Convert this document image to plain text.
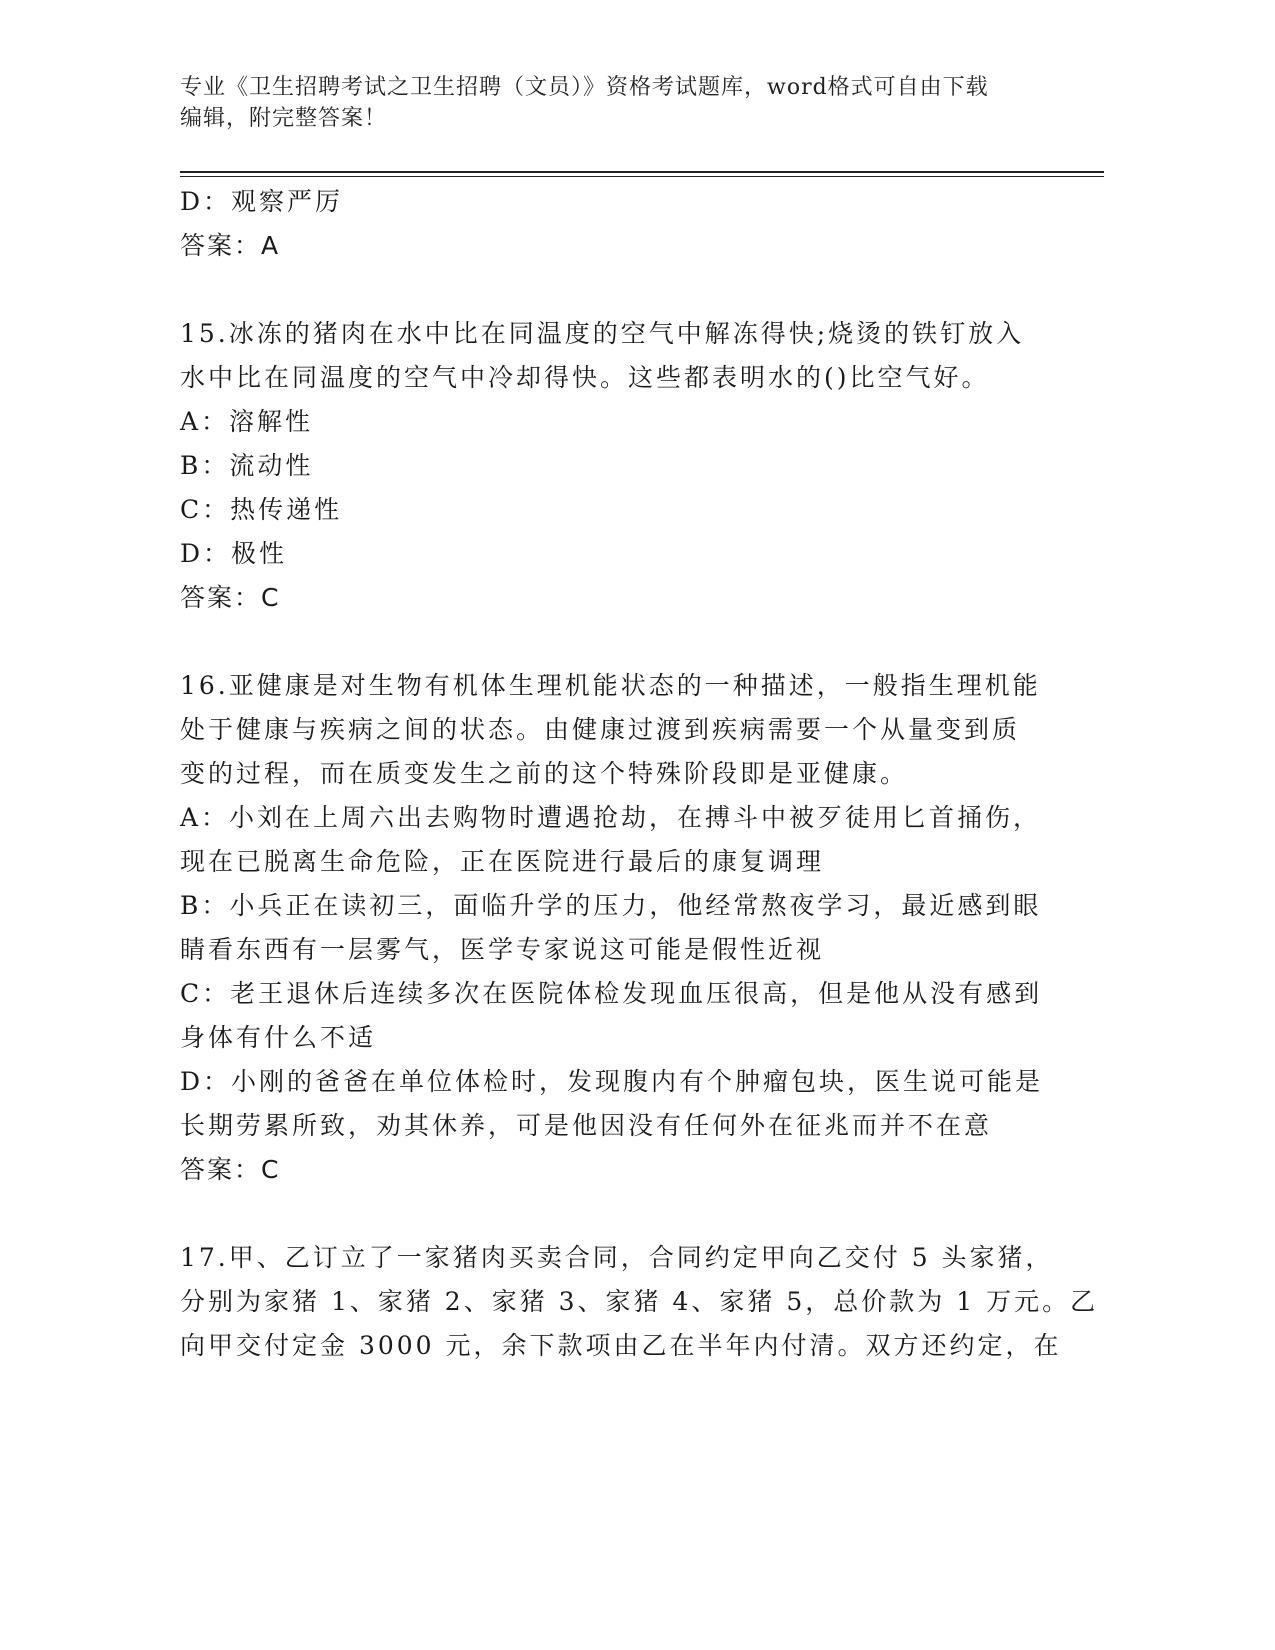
专业《卫生招聘考试之卫生招聘（文员）》资格考试题库，word格式可自由下载
编辑，附完整答案！
D：观察严厉
答案：A
15.冰冻的猪肉在水中比在同温度的空气中解冻得快;烧烫的铁钉放入
水中比在同温度的空气中冷却得快。这些都表明水的()比空气好。
A：溶解性
B：流动性
C：热传递性
D：极性
答案：C
16.亚健康是对生物有机体生理机能状态的一种描述，一般指生理机能
处于健康与疾病之间的状态。由健康过渡到疾病需要一个从量变到质
变的过程，而在质变发生之前的这个特殊阶段即是亚健康。
A：小刘在上周六出去购物时遭遇抢劫，在搏斗中被歹徒用匕首捅伤，
现在已脱离生命危险，正在医院进行最后的康复调理
B：小兵正在读初三，面临升学的压力，他经常熬夜学习，最近感到眼
睛看东西有一层雾气，医学专家说这可能是假性近视
C：老王退休后连续多次在医院体检发现血压很高，但是他从没有感到
身体有什么不适
D：小刚的爸爸在单位体检时，发现腹内有个肿瘤包块，医生说可能是
长期劳累所致，劝其休养，可是他因没有任何外在征兆而并不在意
答案：C
17.甲、乙订立了一家猪肉买卖合同，合同约定甲向乙交付 5 头家猪，
分别为家猪 1、家猪 2、家猪 3、家猪 4、家猪 5，总价款为 1 万元。乙
向甲交付定金 3000 元，余下款项由乙在半年内付清。双方还约定，在
